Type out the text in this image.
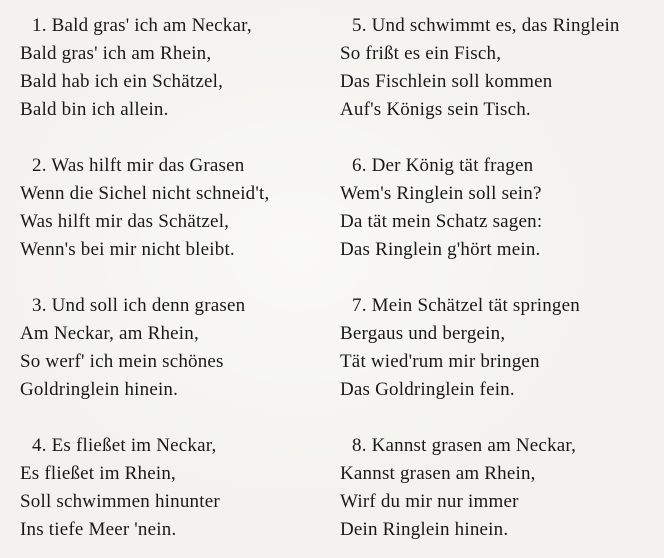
1. Bald gras' ich am Neckar,

Bald gras' ich am Rhein,

Bald hab ich ein Schätzel,

Bald bin ich allein.

2. Was hilft mir das Grasen

Wenn die Sichel nicht schneid't,

Was hilft mir das Schätzel,

Wenn's bei mir nicht bleibt.

3. Und soll ich denn grasen

Am Neckar, am Rhein,

So werf' ich mein schönes

Goldringlein hinein.

4. Es fließet im Neckar,

Es fließet im Rhein,

Soll schwimmen hinunter

Ins tiefe Meer 'nein.

5. Und schwimmt es, das Ringlein

So frißt es ein Fisch,

Das Fischlein soll kommen

Auf's Königs sein Tisch.

6. Der König tät fragen

Wem's Ringlein soll sein?

Da tät mein Schatz sagen:

Das Ringlein g'hört mein.

7. Mein Schätzel tät springen

Bergaus und bergein,

Tät wied'rum mir bringen

Das Goldringlein fein.

8. Kannst grasen am Neckar,

Kannst grasen am Rhein,

Wirf du mir nur immer

Dein Ringlein hinein.
